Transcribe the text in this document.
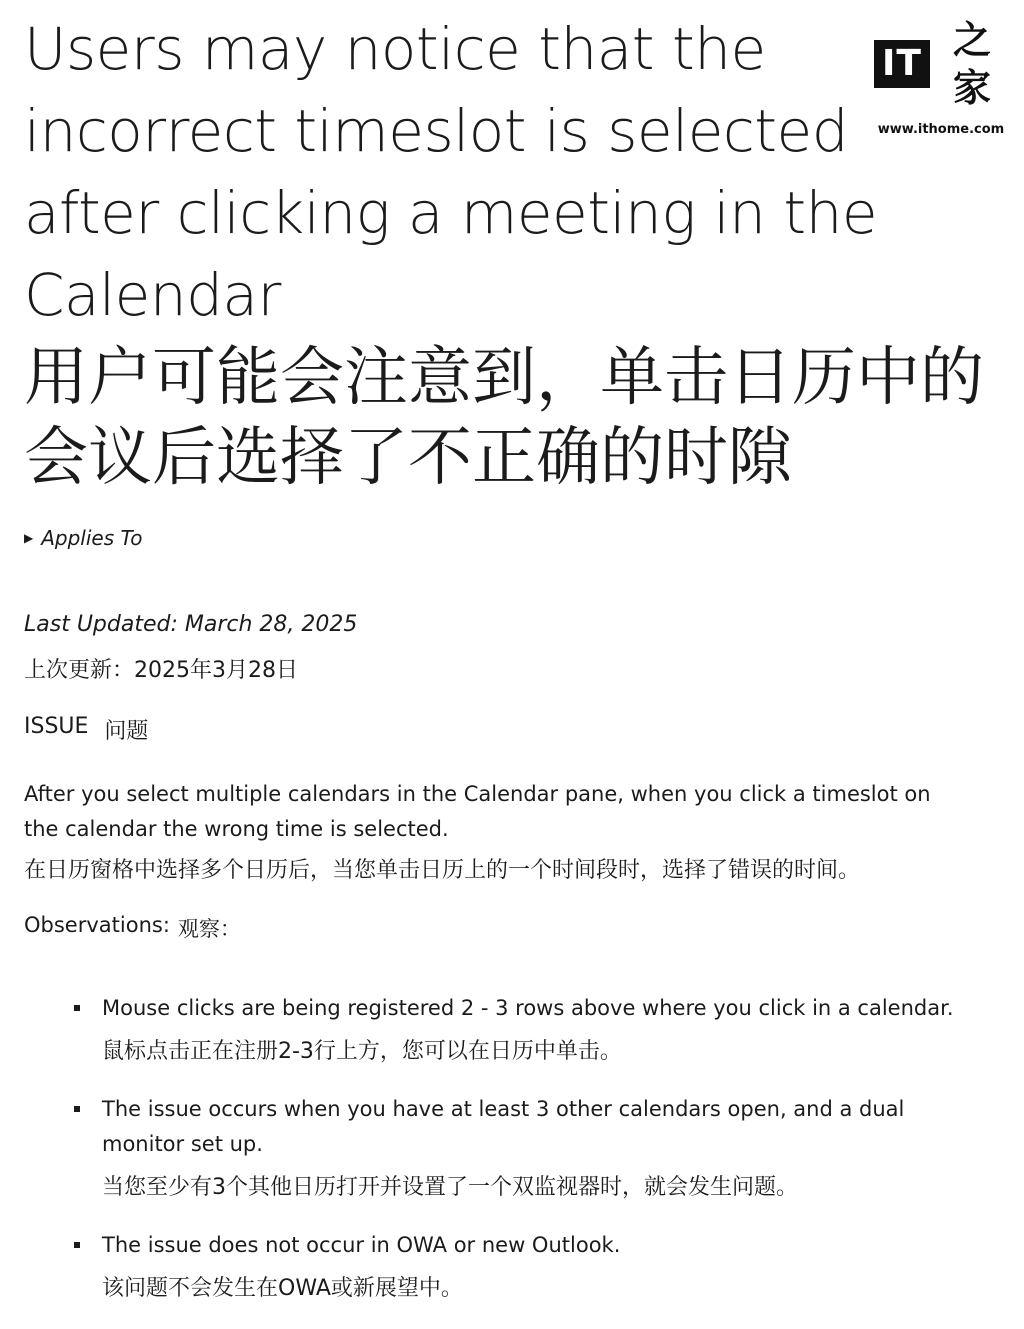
IT
之家
www.ithome.com
Users may notice that the incorrect timeslot is selected after clicking a meeting in the Calendar
用户可能会注意到，单击日历中的会议后选择了不正确的时隙
▶ Applies To
Last Updated: March 28, 2025
上次更新：2025年3月28日
ISSUE 问题
After you select multiple calendars in the Calendar pane, when you click a timeslot on the calendar the wrong time is selected.
在日历窗格中选择多个日历后，当您单击日历上的一个时间段时，选择了错误的时间。
Observations: 观察：
Mouse clicks are being registered 2 - 3 rows above where you click in a calendar.
鼠标点击正在注册2-3行上方，您可以在日历中单击。
The issue occurs when you have at least 3 other calendars open, and a dual monitor set up.
当您至少有3个其他日历打开并设置了一个双监视器时，就会发生问题。
The issue does not occur in OWA or new Outlook.
该问题不会发生在OWA或新展望中。
